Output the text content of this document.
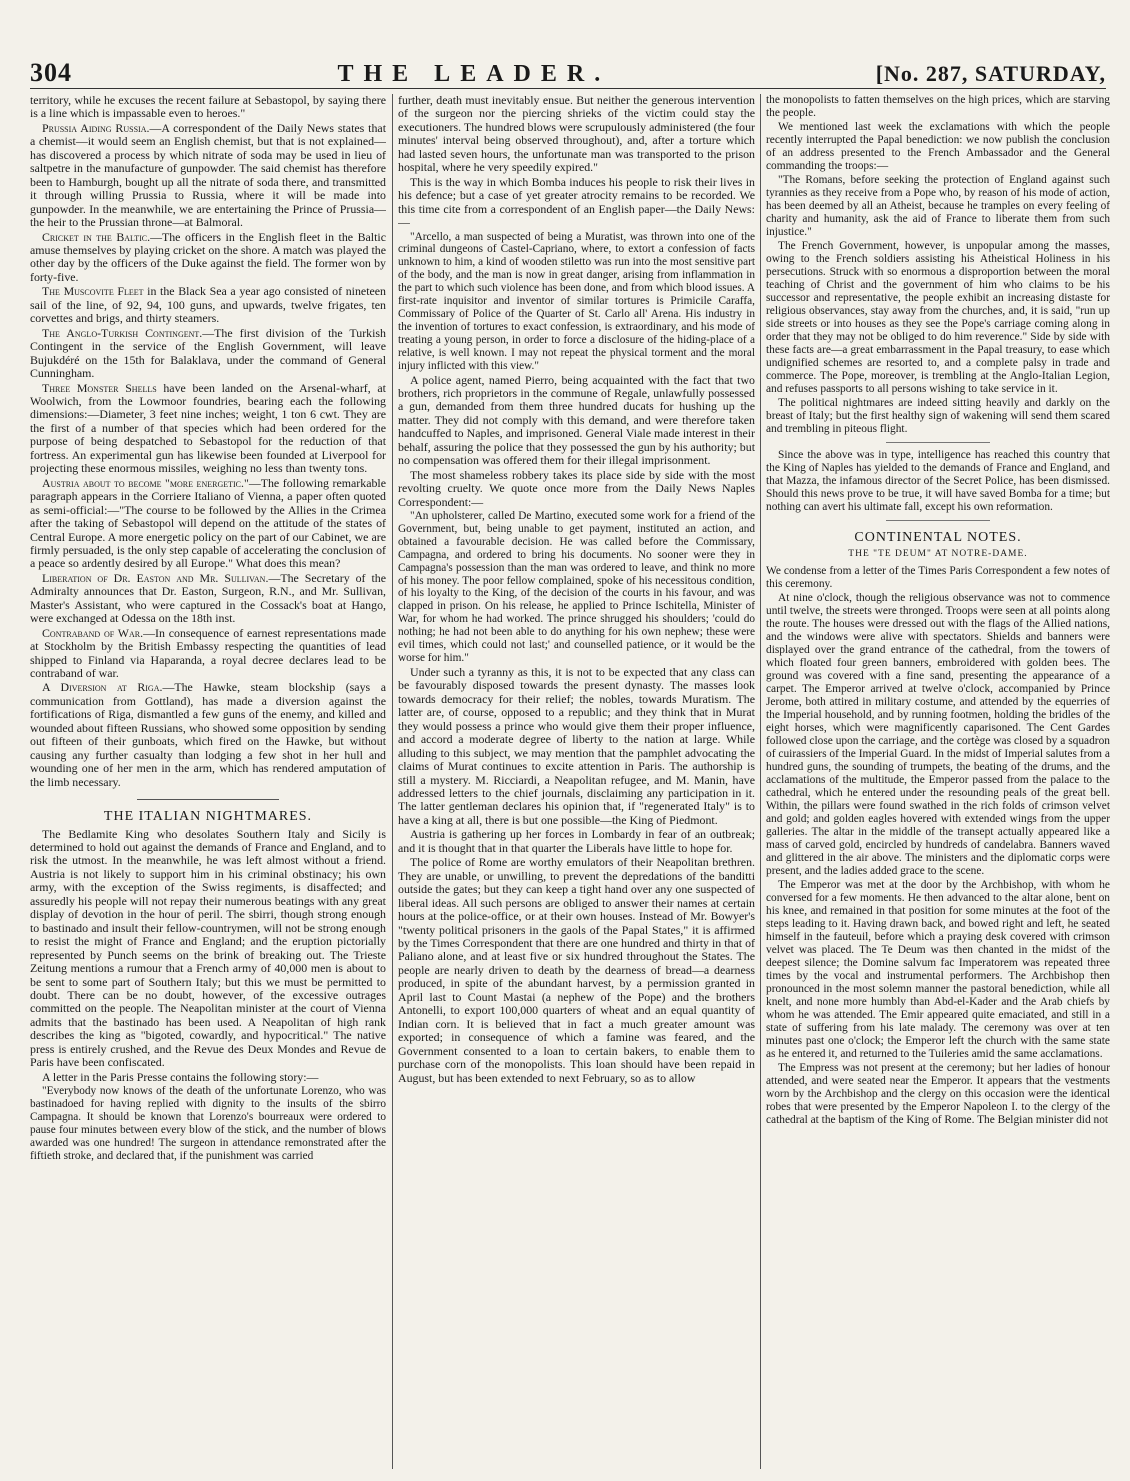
304	THE LEADER.	[No. 287, SATURDAY,

territory, while he excuses the recent failure at Sebastopol, by saying there is a line which is impassable even to heroes."

Prussia Aiding Russia.—A correspondent of the Daily News states that a chemist—it would seem an English chemist, but that is not explained—has discovered a process by which nitrate of soda may be used in lieu of saltpetre in the manufacture of gunpowder. The said chemist has therefore been to Hamburgh, bought up all the nitrate of soda there, and transmitted it through willing Prussia to Russia, where it will be made into gunpowder. In the meanwhile, we are entertaining the Prince of Prussia—the heir to the Prussian throne—at Balmoral.

Cricket in the Baltic.—The officers in the English fleet in the Baltic amuse themselves by playing cricket on the shore. A match was played the other day by the officers of the Duke against the field. The former won by forty-five.

The Muscovite Fleet in the Black Sea a year ago consisted of nineteen sail of the line, of 92, 94, 100 guns, and upwards, twelve frigates, ten corvettes and brigs, and thirty steamers.

The Anglo-Turkish Contingent.—The first division of the Turkish Contingent in the service of the English Government, will leave Bujukdéré on the 15th for Balaklava, under the command of General Cunningham.

Three Monster Shells have been landed on the Arsenal-wharf, at Woolwich, from the Lowmoor foundries, bearing each the following dimensions:—Diameter, 3 feet nine inches; weight, 1 ton 6 cwt. They are the first of a number of that species which had been ordered for the purpose of being despatched to Sebastopol for the reduction of that fortress. An experimental gun has likewise been founded at Liverpool for projecting these enormous missiles, weighing no less than twenty tons.

Austria about to become "more energetic."—The following remarkable paragraph appears in the Corriere Italiano of Vienna, a paper often quoted as semi-official:—"The course to be followed by the Allies in the Crimea after the taking of Sebastopol will depend on the attitude of the states of Central Europe. A more energetic policy on the part of our Cabinet, we are firmly persuaded, is the only step capable of accelerating the conclusion of a peace so ardently desired by all Europe." What does this mean?

Liberation of Dr. Easton and Mr. Sullivan.—The Secretary of the Admiralty announces that Dr. Easton, Surgeon, R.N., and Mr. Sullivan, Master's Assistant, who were captured in the Cossack's boat at Hango, were exchanged at Odessa on the 18th inst.

Contraband of War.—In consequence of earnest representations made at Stockholm by the British Embassy respecting the quantities of lead shipped to Finland via Haparanda, a royal decree declares lead to be contraband of war.

A Diversion at Riga.—The Hawke, steam blockship (says a communication from Gottland), has made a diversion against the fortifications of Riga, dismantled a few guns of the enemy, and killed and wounded about fifteen Russians, who showed some opposition by sending out fifteen of their gunboats, which fired on the Hawke, but without causing any further casualty than lodging a few shot in her hull and wounding one of her men in the arm, which has rendered amputation of the limb necessary.

THE ITALIAN NIGHTMARES.

The Bedlamite King who desolates Southern Italy and Sicily is determined to hold out against the demands of France and England, and to risk the utmost. In the meanwhile, he was left almost without a friend. Austria is not likely to support him in his criminal obstinacy; his own army, with the exception of the Swiss regiments, is disaffected; and assuredly his people will not repay their numerous beatings with any great display of devotion in the hour of peril. The sbirri, though strong enough to bastinado and insult their fellow-countrymen, will not be strong enough to resist the might of France and England; and the eruption pictorially represented by Punch seems on the brink of breaking out. The Trieste Zeitung mentions a rumour that a French army of 40,000 men is about to be sent to some part of Southern Italy; but this we must be permitted to doubt. There can be no doubt, however, of the excessive outrages committed on the people. The Neapolitan minister at the court of Vienna admits that the bastinado has been used. A Neapolitan of high rank describes the king as "bigoted, cowardly, and hypocritical." The native press is entirely crushed, and the Revue des Deux Mondes and Revue de Paris have been confiscated.

A letter in the Paris Presse contains the following story:—

"Everybody now knows of the death of the unfortunate Lorenzo, who was bastinadoed for having replied with dignity to the insults of the sbirro Campagna. It should be known that Lorenzo's bourreaux were ordered to pause four minutes between every blow of the stick, and the number of blows awarded was one hundred! The surgeon in attendance remonstrated after the fiftieth stroke, and declared that, if the punishment was carried

further, death must inevitably ensue. But neither the generous intervention of the surgeon nor the piercing shrieks of the victim could stay the executioners. The hundred blows were scrupulously administered (the four minutes' interval being observed throughout), and, after a torture which had lasted seven hours, the unfortunate man was transported to the prison hospital, where he very speedily expired."

This is the way in which Bomba induces his people to risk their lives in his defence; but a case of yet greater atrocity remains to be recorded. We this time cite from a correspondent of an English paper—the Daily News:—

"Arcello, a man suspected of being a Muratist, was thrown into one of the criminal dungeons of Castel-Capriano, where, to extort a confession of facts unknown to him, a kind of wooden stiletto was run into the most sensitive part of the body, and the man is now in great danger, arising from inflammation in the part to which such violence has been done, and from which blood issues. A first-rate inquisitor and inventor of similar tortures is Primicile Caraffa, Commissary of Police of the Quarter of St. Carlo all' Arena. His industry in the invention of tortures to exact confession, is extraordinary, and his mode of treating a young person, in order to force a disclosure of the hiding-place of a relative, is well known. I may not repeat the physical torment and the moral injury inflicted with this view."

A police agent, named Pierro, being acquainted with the fact that two brothers, rich proprietors in the commune of Regale, unlawfully possessed a gun, demanded from them three hundred ducats for hushing up the matter. They did not comply with this demand, and were therefore taken handcuffed to Naples, and imprisoned. General Viale made interest in their behalf, assuring the police that they possessed the gun by his authority; but no compensation was offered them for their illegal imprisonment.

The most shameless robbery takes its place side by side with the most revolting cruelty. We quote once more from the Daily News Naples Correspondent:—

"An upholsterer, called De Martino, executed some work for a friend of the Government, but, being unable to get payment, instituted an action, and obtained a favourable decision. He was called before the Commissary, Campagna, and ordered to bring his documents. No sooner were they in Campagna's possession than the man was ordered to leave, and think no more of his money. The poor fellow complained, spoke of his necessitous condition, of his loyalty to the King, of the decision of the courts in his favour, and was clapped in prison. On his release, he applied to Prince Ischitella, Minister of War, for whom he had worked. The prince shrugged his shoulders; 'could do nothing; he had not been able to do anything for his own nephew; these were evil times, which could not last;' and counselled patience, or it would be the worse for him."

Under such a tyranny as this, it is not to be expected that any class can be favourably disposed towards the present dynasty. The masses look towards democracy for their relief; the nobles, towards Muratism. The latter are, of course, opposed to a republic; and they think that in Murat they would possess a prince who would give them their proper influence, and accord a moderate degree of liberty to the nation at large. While alluding to this subject, we may mention that the pamphlet advocating the claims of Murat continues to excite attention in Paris. The authorship is still a mystery. M. Ricciardi, a Neapolitan refugee, and M. Manin, have addressed letters to the chief journals, disclaiming any participation in it. The latter gentleman declares his opinion that, if "regenerated Italy" is to have a king at all, there is but one possible—the King of Piedmont.

Austria is gathering up her forces in Lombardy in fear of an outbreak; and it is thought that in that quarter the Liberals have little to hope for.

The police of Rome are worthy emulators of their Neapolitan brethren. They are unable, or unwilling, to prevent the depredations of the banditti outside the gates; but they can keep a tight hand over any one suspected of liberal ideas. All such persons are obliged to answer their names at certain hours at the police-office, or at their own houses. Instead of Mr. Bowyer's "twenty political prisoners in the gaols of the Papal States," it is affirmed by the Times Correspondent that there are one hundred and thirty in that of Paliano alone, and at least five or six hundred throughout the States. The people are nearly driven to death by the dearness of bread—a dearness produced, in spite of the abundant harvest, by a permission granted in April last to Count Mastai (a nephew of the Pope) and the brothers Antonelli, to export 100,000 quarters of wheat and an equal quantity of Indian corn. It is believed that in fact a much greater amount was exported; in consequence of which a famine was feared, and the Government consented to a loan to certain bakers, to enable them to purchase corn of the monopolists. This loan should have been repaid in August, but has been extended to next February, so as to allow

the monopolists to fatten themselves on the high prices, which are starving the people.

We mentioned last week the exclamations with which the people recently interrupted the Papal benediction: we now publish the conclusion of an address presented to the French Ambassador and the General commanding the troops:—

"The Romans, before seeking the protection of England against such tyrannies as they receive from a Pope who, by reason of his mode of action, has been deemed by all an Atheist, because he tramples on every feeling of charity and humanity, ask the aid of France to liberate them from such injustice."

The French Government, however, is unpopular among the masses, owing to the French soldiers assisting his Atheistical Holiness in his persecutions. Struck with so enormous a disproportion between the moral teaching of Christ and the government of him who claims to be his successor and representative, the people exhibit an increasing distaste for religious observances, stay away from the churches, and, it is said, "run up side streets or into houses as they see the Pope's carriage coming along in order that they may not be obliged to do him reverence." Side by side with these facts are—a great embarrassment in the Papal treasury, to ease which undignified schemes are resorted to, and a complete palsy in trade and commerce. The Pope, moreover, is trembling at the Anglo-Italian Legion, and refuses passports to all persons wishing to take service in it.

The political nightmares are indeed sitting heavily and darkly on the breast of Italy; but the first healthy sign of wakening will send them scared and trembling in piteous flight.

Since the above was in type, intelligence has reached this country that the King of Naples has yielded to the demands of France and England, and that Mazza, the infamous director of the Secret Police, has been dismissed. Should this news prove to be true, it will have saved Bomba for a time; but nothing can avert his ultimate fall, except his own reformation.

CONTINENTAL NOTES.

THE "TE DEUM" AT NOTRE-DAME.

We condense from a letter of the Times Paris Correspondent a few notes of this ceremony.

At nine o'clock, though the religious observance was not to commence until twelve, the streets were thronged. Troops were seen at all points along the route. The houses were dressed out with the flags of the Allied nations, and the windows were alive with spectators. Shields and banners were displayed over the grand entrance of the cathedral, from the towers of which floated four green banners, embroidered with golden bees. The ground was covered with a fine sand, presenting the appearance of a carpet. The Emperor arrived at twelve o'clock, accompanied by Prince Jerome, both attired in military costume, and attended by the equerries of the Imperial household, and by running footmen, holding the bridles of the eight horses, which were magnificently caparisoned. The Cent Gardes followed close upon the carriage, and the cortège was closed by a squadron of cuirassiers of the Imperial Guard. In the midst of Imperial salutes from a hundred guns, the sounding of trumpets, the beating of the drums, and the acclamations of the multitude, the Emperor passed from the palace to the cathedral, which he entered under the resounding peals of the great bell. Within, the pillars were found swathed in the rich folds of crimson velvet and gold; and golden eagles hovered with extended wings from the upper galleries. The altar in the middle of the transept actually appeared like a mass of carved gold, encircled by hundreds of candelabra. Banners waved and glittered in the air above. The ministers and the diplomatic corps were present, and the ladies added grace to the scene.

The Emperor was met at the door by the Archbishop, with whom he conversed for a few moments. He then advanced to the altar alone, bent on his knee, and remained in that position for some minutes at the foot of the steps leading to it. Having drawn back, and bowed right and left, he seated himself in the fauteuil, before which a praying desk covered with crimson velvet was placed. The Te Deum was then chanted in the midst of the deepest silence; the Domine salvum fac Imperatorem was repeated three times by the vocal and instrumental performers. The Archbishop then pronounced in the most solemn manner the pastoral benediction, while all knelt, and none more humbly than Abd-el-Kader and the Arab chiefs by whom he was attended. The Emir appeared quite emaciated, and still in a state of suffering from his late malady. The ceremony was over at ten minutes past one o'clock; the Emperor left the church with the same state as he entered it, and returned to the Tuileries amid the same acclamations.

The Empress was not present at the ceremony; but her ladies of honour attended, and were seated near the Emperor. It appears that the vestments worn by the Archbishop and the clergy on this occasion were the identical robes that were presented by the Emperor Napoleon I. to the clergy of the cathedral at the baptism of the King of Rome. The Belgian minister did not
